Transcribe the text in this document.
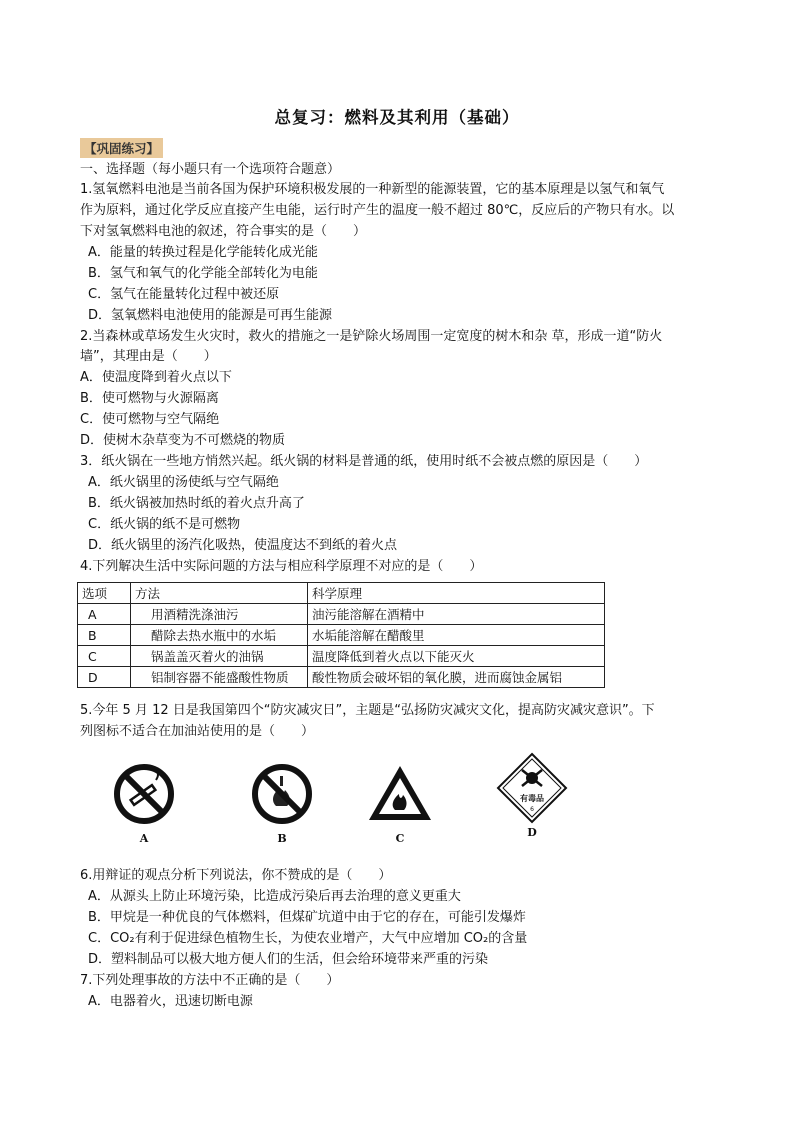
总复习：燃料及其利用（基础）
【巩固练习】
一、选择题（每小题只有一个选项符合题意）
1.氢氧燃料电池是当前各国为保护环境积极发展的一种新型的能源装置，它的基本原理是以氢气和氧气
作为原料，通过化学反应直接产生电能，运行时产生的温度一般不超过 80℃，反应后的产物只有水。以
下对氢氧燃料电池的叙述，符合事实的是（　　）
A．能量的转换过程是化学能转化成光能
B．氢气和氧气的化学能全部转化为电能
C．氢气在能量转化过程中被还原
D．氢氧燃料电池使用的能源是可再生能源
2.当森林或草场发生火灾时，救火的措施之一是铲除火场周围一定宽度的树木和杂 草，形成一道“防火
墙”，其理由是（　　）
A．使温度降到着火点以下
B．使可燃物与火源隔离
C．使可燃物与空气隔绝
D．使树木杂草变为不可燃烧的物质
3．纸火锅在一些地方悄然兴起。纸火锅的材料是普通的纸，使用时纸不会被点燃的原因是（　　）
A．纸火锅里的汤使纸与空气隔绝
B．纸火锅被加热时纸的着火点升高了
C．纸火锅的纸不是可燃物
D．纸火锅里的汤汽化吸热，使温度达不到纸的着火点
4.下列解决生活中实际问题的方法与相应科学原理不对应的是（　　）
选项	方法	科学原理
A	用酒精洗涤油污	油污能溶解在酒精中
B	醋除去热水瓶中的水垢	水垢能溶解在醋酸里
C	锅盖盖灭着火的油锅	温度降低到着火点以下能灭火
D	铝制容器不能盛酸性物质	酸性物质会破坏铝的氧化膜，进而腐蚀金属铝
5.今年 5 月 12 日是我国第四个“防灾减灾日”，主题是“弘扬防灾减灾文化，提高防灾减灾意识”。下
列图标不适合在加油站使用的是（　　）
A	B	C
有毒品
6
D
6.用辩证的观点分析下列说法，你不赞成的是（　　）
A．从源头上防止环境污染，比造成污染后再去治理的意义更重大
B．甲烷是一种优良的气体燃料，但煤矿坑道中由于它的存在，可能引发爆炸
C．CO₂有利于促进绿色植物生长，为使农业增产，大气中应增加 CO₂的含量
D．塑料制品可以极大地方便人们的生活，但会给环境带来严重的污染
7.下列处理事故的方法中不正确的是（　　）
A．电器着火，迅速切断电源
